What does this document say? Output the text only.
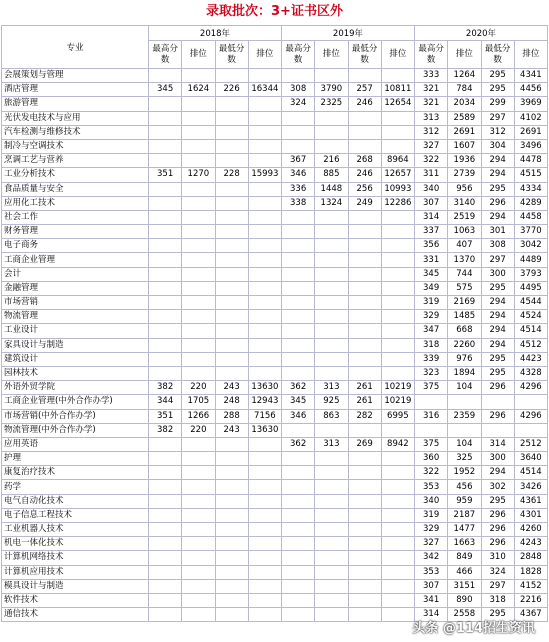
录取批次：3+证书区外
专业	2018年				2019年				2020年			
	最高分数	排位	最低分数	排位	最高分数	排位	最低分数	排位	最高分数	排位	最低分数	排位
会展策划与管理									333	1264	295	4341
酒店管理	345	1624	226	16344	308	3790	257	10811	321	784	295	4456
旅游管理					324	2325	246	12654	321	2034	299	3969
光伏发电技术与应用									313	2589	297	4102
汽车检测与维修技术									312	2691	312	2691
制冷与空调技术									327	1607	304	3496
烹调工艺与营养					367	216	268	8964	322	1936	294	4478
工业分析技术	351	1270	228	15993	346	885	246	12657	311	2739	294	4515
食品质量与安全					336	1448	256	10993	340	956	295	4334
应用化工技术					338	1324	249	12286	307	3140	296	4289
社会工作									314	2519	294	4458
财务管理									337	1063	301	3770
电子商务									356	407	308	3042
工商企业管理									331	1370	297	4489
会计									345	744	300	3793
金融管理									349	575	295	4495
市场营销									319	2169	294	4544
物流管理									329	1485	294	4524
工业设计									347	668	294	4514
家具设计与制造									318	2260	294	4512
建筑设计									339	976	295	4423
园林技术									323	1894	295	4328
外语外贸学院	382	220	243	13630	362	313	261	10219	375	104	296	4296
工商企业管理(中外合作办学)	344	1705	248	12943	345	925	261	10219				
市场营销(中外合作办学)	351	1266	288	7156	346	863	282	6995	316	2359	296	4296
物流管理(中外合作办学)	382	220	243	13630								
应用英语					362	313	269	8942	375	104	314	2512
护理									360	325	300	3640
康复治疗技术									322	1952	294	4514
药学									353	456	302	3426
电气自动化技术									340	959	295	4361
电子信息工程技术									319	2187	296	4301
工业机器人技术									329	1477	296	4260
机电一体化技术									327	1663	296	4243
计算机网络技术									342	849	310	2848
计算机应用技术									353	466	324	1828
模具设计与制造									307	3151	297	4152
软件技术									341	890	318	2216
通信技术									314	2558	295	4367
头条 @114招生资讯
